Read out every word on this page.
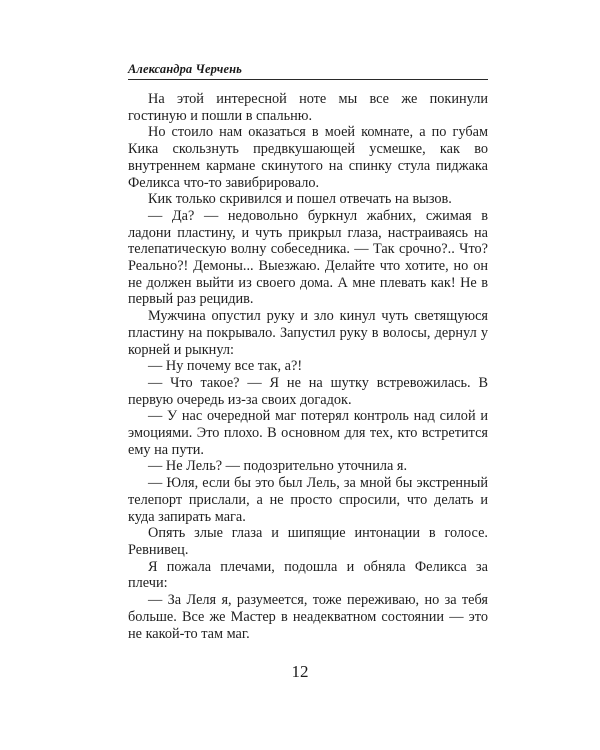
Александра Черчень

На этой интересной ноте мы все же покинули гостиную и пошли в спальню.

Но стоило нам оказаться в моей комнате, а по губам Кика скользнуть предвкушающей усмешке, как во внутреннем кармане скинутого на спинку стула пиджака Феликса что-то завибрировало.

Кик только скривился и пошел отвечать на вызов.

— Да? — недовольно буркнул жабних, сжимая в ладони пластину, и чуть прикрыл глаза, настраиваясь на телепатическую волну собеседника. — Так срочно?.. Что? Реально?! Демоны... Выезжаю. Делайте что хотите, но он не должен выйти из своего дома. А мне плевать как! Не в первый раз рецидив.

Мужчина опустил руку и зло кинул чуть светящуюся пластину на покрывало. Запустил руку в волосы, дернул у корней и рыкнул:

— Ну почему все так, а?!

— Что такое? — Я не на шутку встревожилась. В первую очередь из-за своих догадок.

— У нас очередной маг потерял контроль над силой и эмоциями. Это плохо. В основном для тех, кто встретится ему на пути.

— Не Лель? — подозрительно уточнила я.

— Юля, если бы это был Лель, за мной бы экстренный телепорт прислали, а не просто спросили, что делать и куда запирать мага.

Опять злые глаза и шипящие интонации в голосе. Ревнивец.

Я пожала плечами, подошла и обняла Феликса за плечи:

— За Леля я, разумеется, тоже переживаю, но за тебя больше. Все же Мастер в неадекватном состоянии — это не какой-то там маг.

12
